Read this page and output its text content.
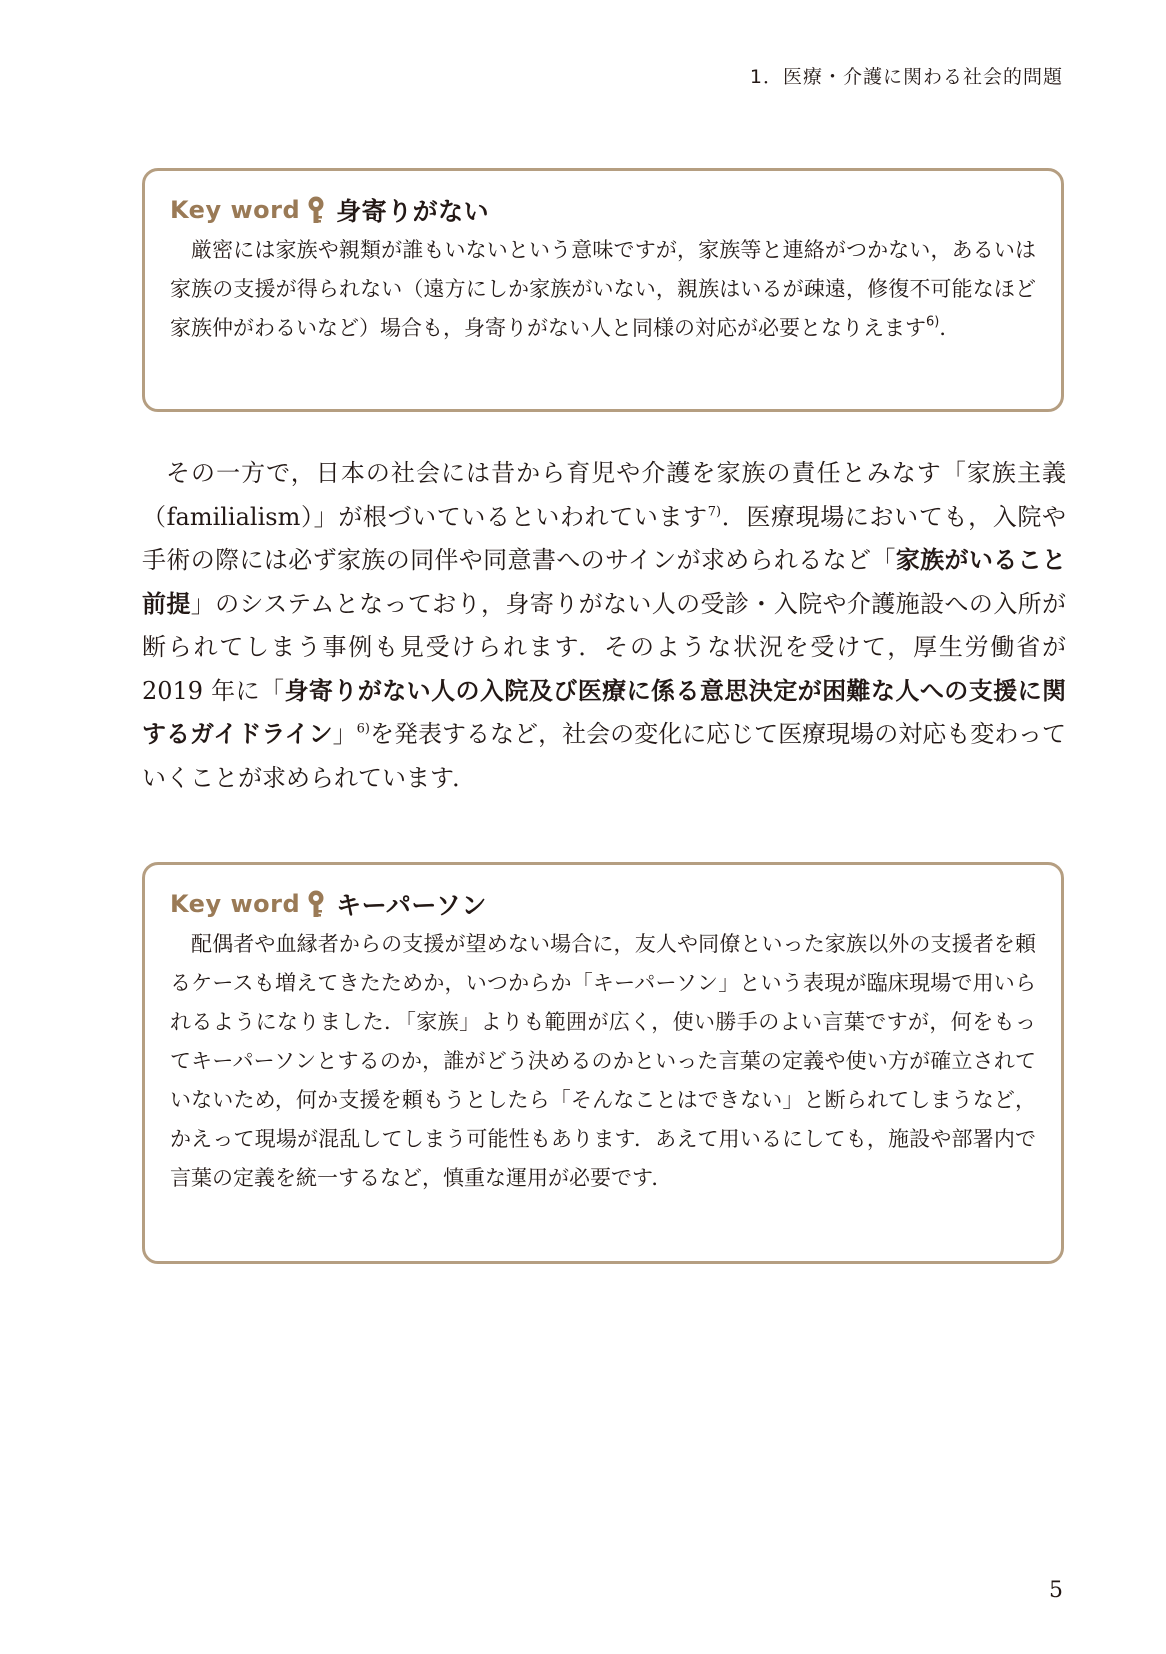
1．医療・介護に関わる社会的問題
Key word 身寄りがない

厳密には家族や親類が誰もいないという意味ですが，家族等と連絡がつかない，あるいは家族の支援が得られない（遠方にしか家族がいない，親族はいるが疎遠，修復不可能なほど家族仲がわるいなど）場合も，身寄りがない人と同様の対応が必要となりえます$^{6)}$．

その一方で，日本の社会には昔から育児や介護を家族の責任とみなす「家族主義（familialism）」が根づいているといわれています$^{7)}$．医療現場においても，入院や手術の際には必ず家族の同伴や同意書へのサインが求められるなど「家族がいること前提」のシステムとなっており，身寄りがない人の受診・入院や介護施設への入所が断られてしまう事例も見受けられます．そのような状況を受けて，厚生労働省が 2019 年に「身寄りがない人の入院及び医療に係る意思決定が困難な人への支援に関するガイドライン」$^{6)}$を発表するなど，社会の変化に応じて医療現場の対応も変わっていくことが求められています．

Key word キーパーソン

配偶者や血縁者からの支援が望めない場合に，友人や同僚といった家族以外の支援者を頼るケースも増えてきたためか，いつからか「キーパーソン」という表現が臨床現場で用いられるようになりました．「家族」よりも範囲が広く，使い勝手のよい言葉ですが，何をもってキーパーソンとするのか，誰がどう決めるのかといった言葉の定義や使い方が確立されていないため，何か支援を頼もうとしたら「そんなことはできない」と断られてしまうなど，かえって現場が混乱してしまう可能性もあります．あえて用いるにしても，施設や部署内で言葉の定義を統一するなど，慎重な運用が必要です．

5
